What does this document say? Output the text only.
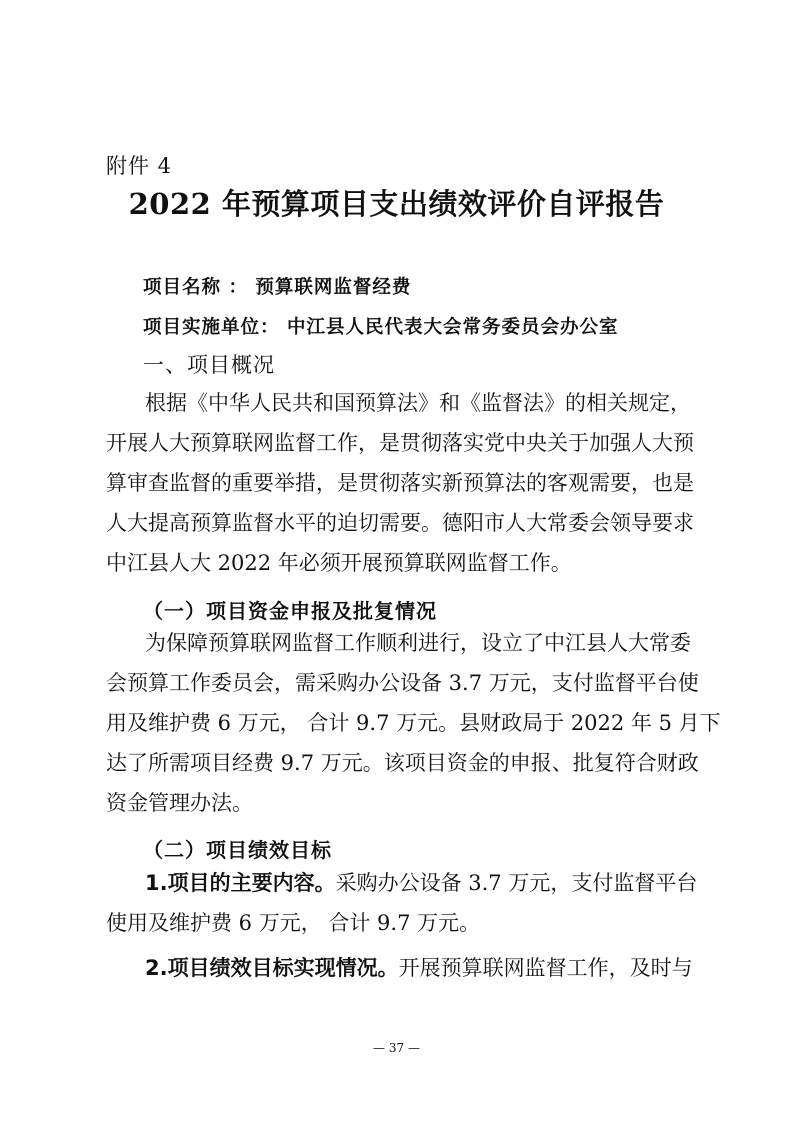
附件 4
2022 年预算项目支出绩效评价自评报告
项目名称 ： 预算联网监督经费
项目实施单位： 中江县人民代表大会常务委员会办公室
一、项目概况
根据《中华人民共和国预算法》和《监督法》的相关规定，
开展人大预算联网监督工作，是贯彻落实党中央关于加强人大预
算审查监督的重要举措，是贯彻落实新预算法的客观需要，也是
人大提高预算监督水平的迫切需要。德阳市人大常委会领导要求
中江县人大 2022 年必须开展预算联网监督工作。
（一）项目资金申报及批复情况
为保障预算联网监督工作顺利进行，设立了中江县人大常委
会预算工作委员会，需采购办公设备 3.7 万元，支付监督平台使
用及维护费 6 万元， 合计 9.7 万元。县财政局于 2022 年 5 月下
达了所需项目经费 9.7 万元。该项目资金的申报、批复符合财政
资金管理办法。
（二）项目绩效目标
1.项目的主要内容。采购办公设备 3.7 万元，支付监督平台
使用及维护费 6 万元， 合计 9.7 万元。
2.项目绩效目标实现情况。开展预算联网监督工作，及时与
— 37 —
